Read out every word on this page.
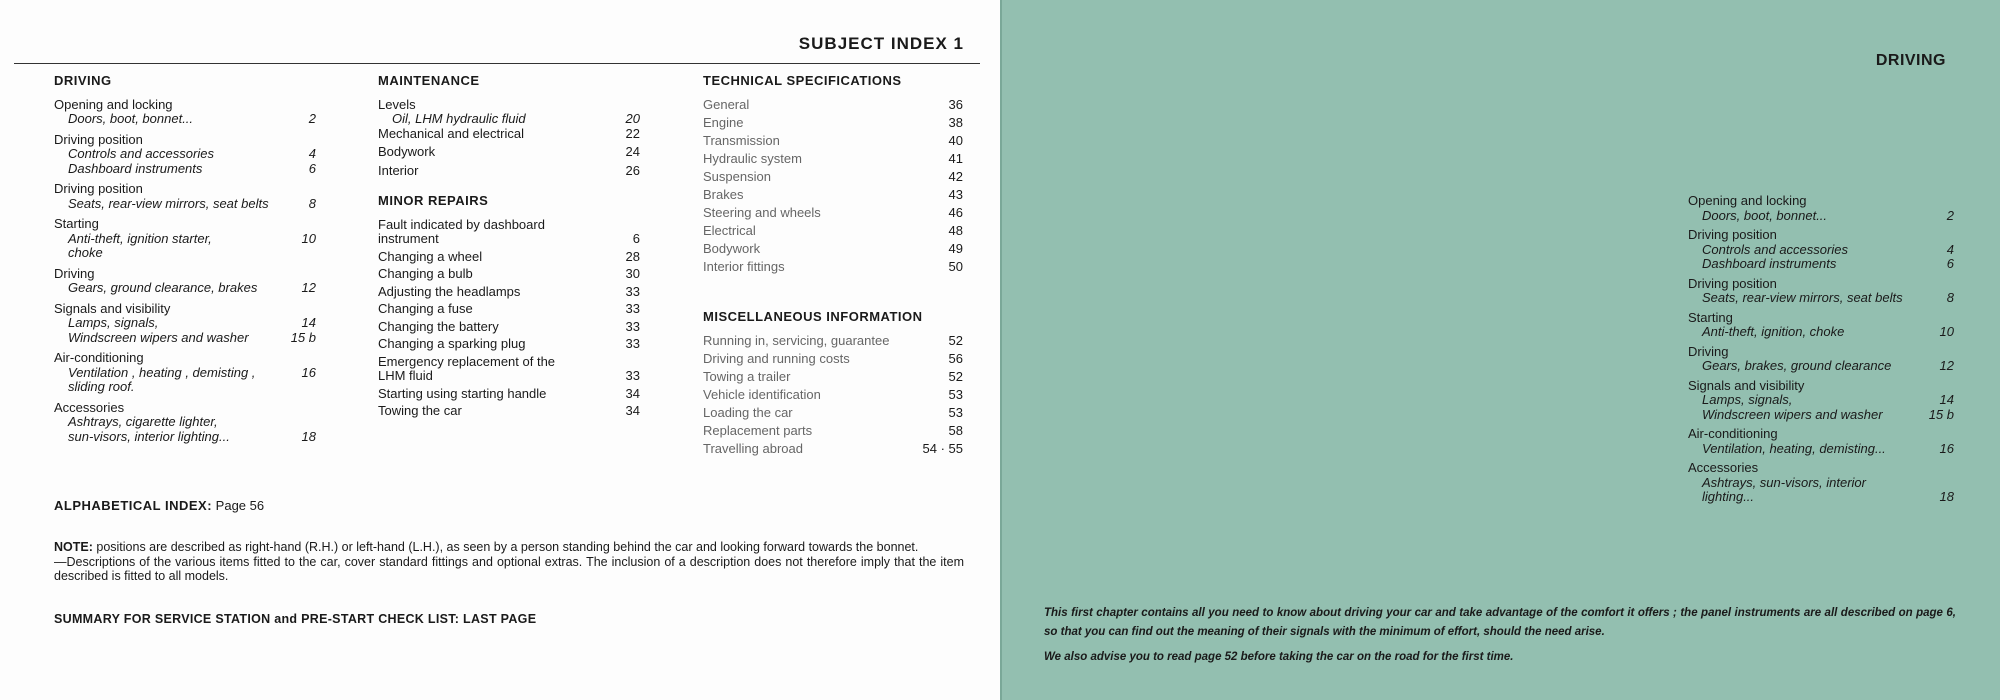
SUBJECT INDEX 1
DRIVING
Opening and locking
Doors, boot, bonnet...	2
Driving position
Controls and accessories	4
Dashboard instruments	6
Driving position
Seats, rear-view mirrors, seat belts	8
Starting
Anti-theft, ignition starter,	10
choke
Driving
Gears, ground clearance, brakes	12
Signals and visibility
Lamps, signals,	14
Windscreen wipers and washer	15 b
Air-conditioning
Ventilation , heating , demisting ,	16
sliding roof.
Accessories
Ashtrays, cigarette lighter,
sun-visors, interior lighting...	18
MAINTENANCE
Levels
Oil, LHM hydraulic fluid	20
Mechanical and electrical	22
Bodywork	24
Interior	26
MINOR REPAIRS
Fault indicated by dashboard
instrument	6
Changing a wheel	28
Changing a bulb	30
Adjusting the headlamps	33
Changing a fuse	33
Changing the battery	33
Changing a sparking plug	33
Emergency replacement of the
LHM fluid	33
Starting using starting handle	34
Towing the car	34
TECHNICAL SPECIFICATIONS
General	36
Engine	38
Transmission	40
Hydraulic system	41
Suspension	42
Brakes	43
Steering and wheels	46
Electrical	48
Bodywork	49
Interior fittings	50
MISCELLANEOUS INFORMATION
Running in, servicing, guarantee	52
Driving and running costs	56
Towing a trailer	52
Vehicle identification	53
Loading the car	53
Replacement parts	58
Travelling abroad	54 · 55
ALPHABETICAL INDEX: Page 56
NOTE: positions are described as right-hand (R.H.) or left-hand (L.H.), as seen by a person standing behind the car and looking forward towards the bonnet.
—Descriptions of the various items fitted to the car, cover standard fittings and optional extras. The inclusion of a description does not therefore imply that the item described is fitted to all models.
SUMMARY FOR SERVICE STATION and PRE-START CHECK LIST: LAST PAGE
DRIVING
Opening and locking
Doors, boot, bonnet...	2
Driving position
Controls and accessories	4
Dashboard instruments	6
Driving position
Seats, rear-view mirrors, seat belts	8
Starting
Anti-theft, ignition, choke	10
Driving
Gears, brakes, ground clearance	12
Signals and visibility
Lamps, signals,	14
Windscreen wipers and washer	15 b
Air-conditioning
Ventilation, heating, demisting...	16
Accessories
Ashtrays, sun-visors, interior
lighting...	18
This first chapter contains all you need to know about driving your car and take advantage of the comfort it offers ; the panel instruments are all described on page 6, so that you can find out the meaning of their signals with the minimum of effort, should the need arise.
We also advise you to read page 52 before taking the car on the road for the first time.
